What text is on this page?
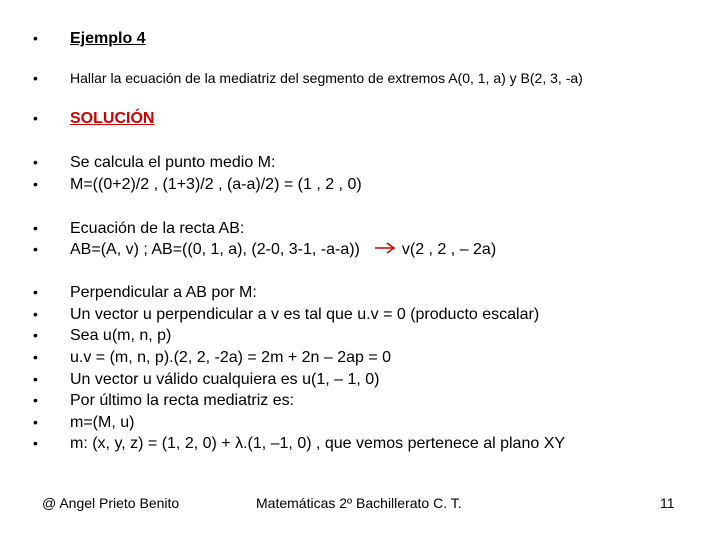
•	Ejemplo 4
•	Hallar la ecuación de la mediatriz del segmento de extremos A(0, 1, a) y B(2, 3, -a)
•	SOLUCIÓN
•	Se calcula el punto medio M:
•	M=((0+2)/2 , (1+3)/2 , (a-a)/2) = (1 , 2 , 0)
•	Ecuación de la recta AB:
•	AB=(A, v) ; AB=((0, 1, a), (2-0, 3-1, -a-a))	v(2 , 2 , – 2a)
•	Perpendicular a AB por M:
•	Un vector u perpendicular a v es tal que u.v = 0 (producto escalar)
•	Sea u(m, n, p)
•	u.v = (m, n, p).(2, 2, -2a) = 2m + 2n – 2ap = 0
•	Un vector u válido cualquiera es u(1, – 1, 0)
•	Por último la recta mediatriz es:
•	m=(M, u)
•	m: (x, y, z) = (1, 2, 0) + λ.(1, –1, 0) , que vemos pertenece al plano XY
@ Angel Prieto Benito	Matemáticas 2º Bachillerato C. T.	11
